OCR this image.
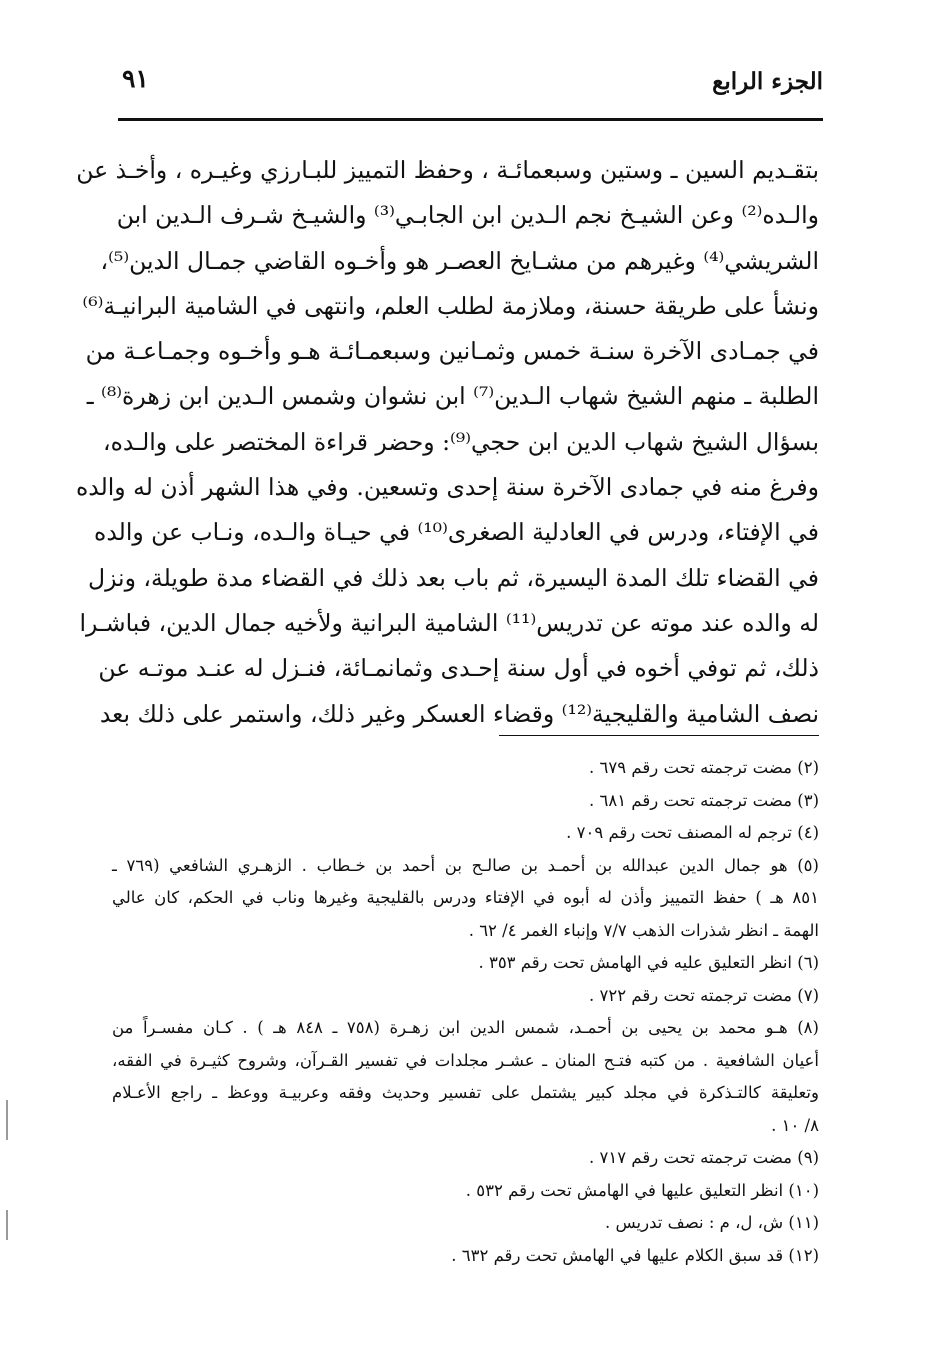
الجزء الرابع
٩١
بتقـديم السين ـ وستين وسبعمائـة ، وحفظ التمييز للبـارزي وغيـره ، وأخـذ عن
والـده⁽²⁾ وعن الشيـخ نجم الـدين ابن الجابـي⁽³⁾ والشيـخ شـرف الـدين ابن
الشريشي⁽⁴⁾ وغيرهم من مشـايخ العصـر هو وأخـوه القاضي جمـال الدين⁽⁵⁾،
ونشأ على طريقة حسنة، وملازمة لطلب العلم، وانتهى في الشامية البرانيـة⁽⁶⁾
في جمـادى الآخرة سنـة خمس وثمـانين وسبعمـائـة هـو وأخـوه وجمـاعـة من
الطلبة ـ منهم الشيخ شهاب الـدين⁽⁷⁾ ابن نشوان وشمس الـدين ابن زهرة⁽⁸⁾ ـ
بسؤال الشيخ شهاب الدين ابن حجي⁽⁹⁾: وحضر قراءة المختصر على والـده،
وفرغ منه في جمادى الآخرة سنة إحدى وتسعين. وفي هذا الشهر أذن له والده
في الإفتاء، ودرس في العادلية الصغرى⁽¹⁰⁾ في حيـاة والـده، ونـاب عن والده
في القضاء تلك المدة اليسيرة، ثم باب بعد ذلك في القضاء مدة طويلة، ونزل
له والده عند موته عن تدريس⁽¹¹⁾ الشامية البرانية ولأخيه جمال الدين، فباشـرا
ذلك، ثم توفي أخوه في أول سنة إحـدى وثمانمـائة، فنـزل له عنـد موتـه عن
نصف الشامية والقليجية⁽¹²⁾ وقضاء العسكر وغير ذلك، واستمر على ذلك بعد
(٢) مضت ترجمته تحت رقم ٦٧٩ .
(٣) مضت ترجمته تحت رقم ٦٨١ .
(٤) ترجم له المصنف تحت رقم ٧٠٩ .
(٥) هو جمال الدين عبدالله بن أحمـد بن صالـح بن أحمد بن خـطاب . الزهـري الشافعي (٧٦٩ ـ
٨٥١ هـ ) حفظ التمييز وأذن له أبوه في الإفتاء ودرس بالقليجية وغيرها وناب في الحكم، كان عالي
الهمة ـ انظر شذرات الذهب ٧/٧ وإنباء الغمر ٤/ ٦٢ .
(٦) انظر التعليق عليه في الهامش تحت رقم ٣٥٣ .
(٧) مضت ترجمته تحت رقم ٧٢٢ .
(٨) هـو محمد بن يحيى بن أحمـد، شمس الدين ابن زهـرة (٧٥٨ ـ ٨٤٨ هـ ) . كـان مفسـراً من
أعيان الشافعية . من كتبه فتـح المنان ـ عشـر مجلدات في تفسير القـرآن، وشروح كثيـرة في الفقه،
وتعليقة كالتـذكرة في مجلد كبير يشتمل على تفسير وحديث وفقه وعربيـة ووعظ ـ راجع الأعـلام
٨/ ١٠ .
(٩) مضت ترجمته تحت رقم ٧١٧ .
(١٠) انظر التعليق عليها في الهامش تحت رقم ٥٣٢ .
(١١) ش، ل، م : نصف تدريس .
(١٢) قد سبق الكلام عليها في الهامش تحت رقم ٦٣٢ .
